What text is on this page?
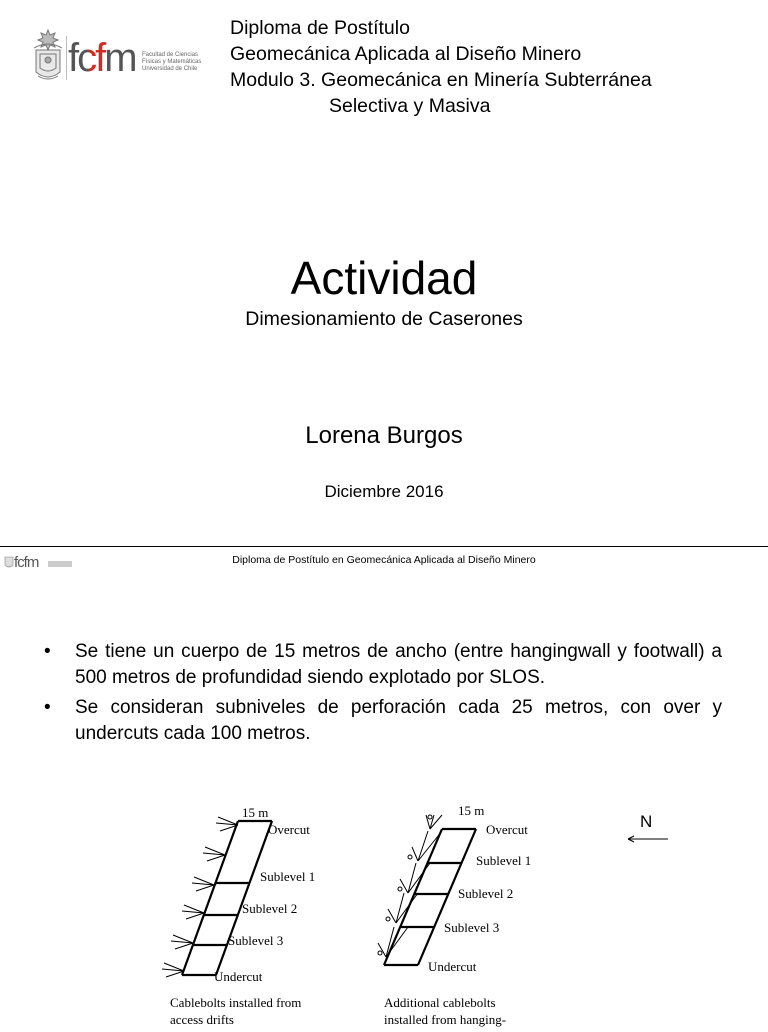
fcfm Facultad de Ciencias
Físicas y Matemáticas
Universidad de Chile
Diploma de Postítulo
Geomecánica Aplicada al Diseño Minero
Modulo 3. Geomecánica en Minería Subterránea
Selectiva y Masiva
Actividad
Dimesionamiento de Caserones
Lorena Burgos
Diciembre 2016
fcfm	Diploma de Postítulo en Geomecánica Aplicada al Diseño Minero
• Se tiene un cuerpo de 15 metros de ancho (entre hangingwall y footwall) a 500 metros de profundidad siendo explotado por SLOS.
• Se consideran subniveles de perforación cada 25 metros, con over y undercuts cada 100 metros.
15 m
Overcut
Sublevel 1
Sublevel 2
Sublevel 3
Undercut
Cablebolts installed from
access drifts
15 m
Overcut
Sublevel 1
Sublevel 2
Sublevel 3
Undercut
Additional cablebolts
installed from hanging-
N
